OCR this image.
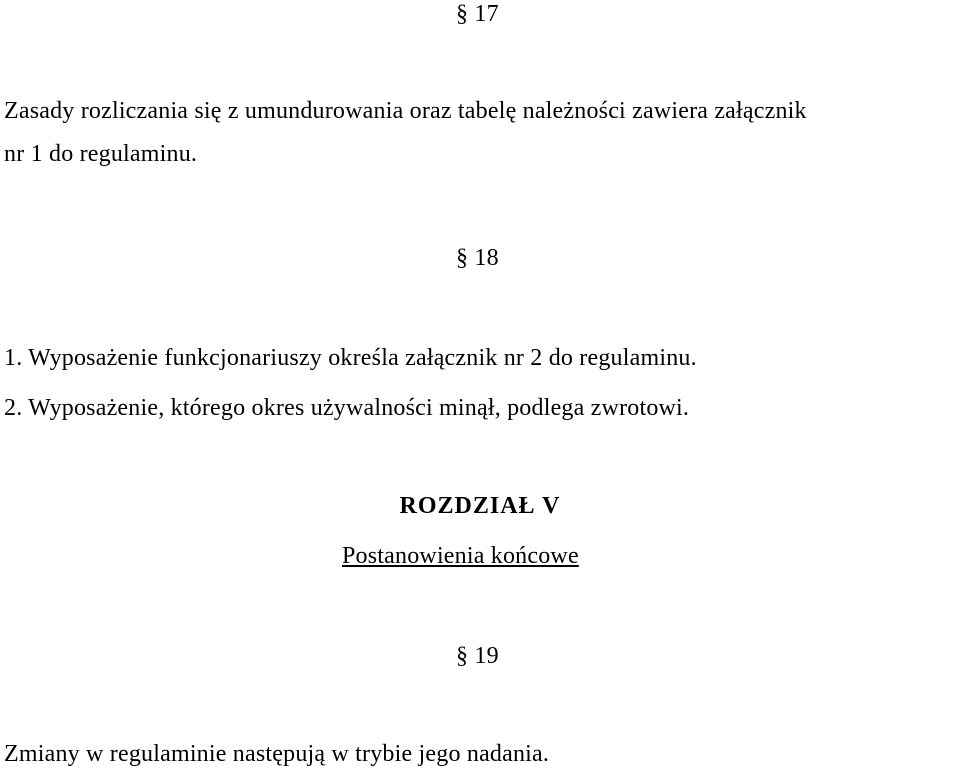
§ 17
Zasady rozliczania się z umundurowania oraz tabelę należności zawiera załącznik
nr 1 do regulaminu.
§ 18
1. Wyposażenie funkcjonariuszy określa załącznik nr 2 do regulaminu.
2. Wyposażenie, którego okres używalności minął, podlega zwrotowi.
ROZDZIAŁ V
Postanowienia końcowe
§ 19
Zmiany w regulaminie następują w trybie jego nadania.
